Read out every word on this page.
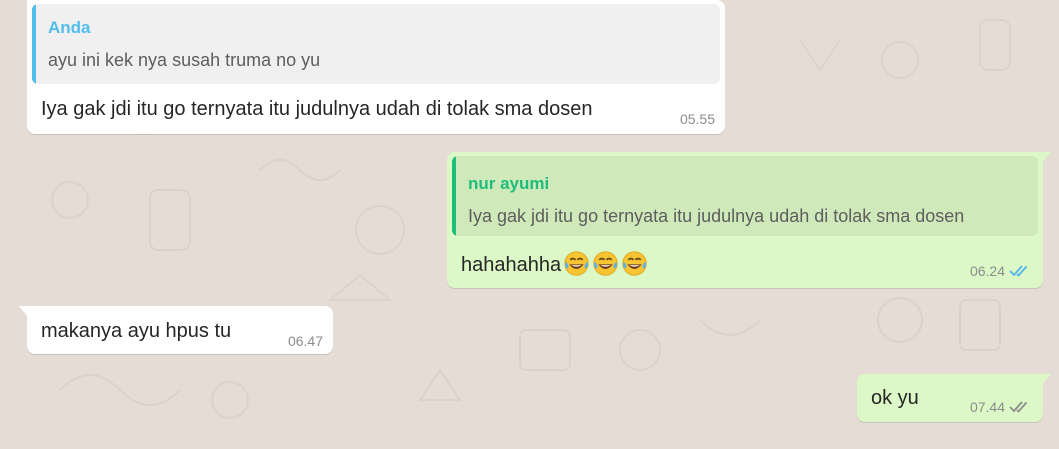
Anda
ayu ini kek nya susah truma no yu
Iya gak jdi itu go ternyata itu judulnya udah di tolak sma dosen	05.55
nur ayumi
Iya gak jdi itu go ternyata itu judulnya udah di tolak sma dosen
hahahahha	06.24
makanya ayu hpus tu	06.47
ok yu	07.44
